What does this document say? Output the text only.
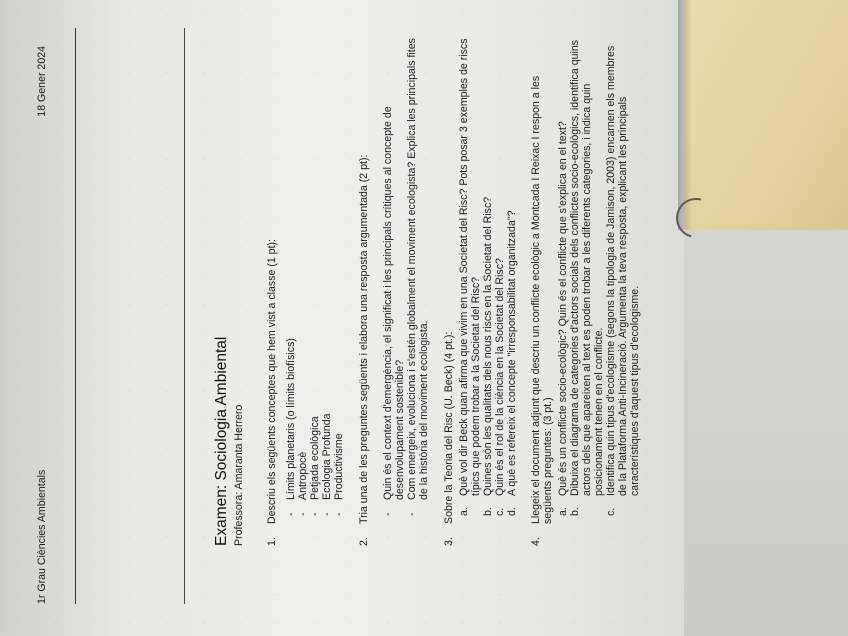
1r Grau Ciències Ambientals
18 Gener 2024
Examen: Sociologia Ambiental Professora: Amaranta Herrero 1.
Descriu els següents conceptes que hem vist a classe (1 pt): -
Límits planetaris (o límits biofísics)
-
Antropocè
-
Petjada ecològica
-
Ecologia Profunda
-
Productivisme
2.
Tria una de les preguntes següents i elabora una resposta argumentada (2 pt): -
Quin és el context d'emergència, el significat i les principals crítiques al concepte de desenvolupament sostenible?
-
Com emergeix, evoluciona i s'estén globalment el moviment ecologista? Explica les principals fites de la història del moviment ecologista.
3.
Sobre la Teoria del Risc (U. Beck) (4 pt.): a.
Què vol dir Beck quan afirma que vivim en una Societat del Risc? Pots posar 3 exemples de riscs típics que podem trobar a la Societat del Risc?
b.
Quines són les qualitats dels nous riscs en la Societat del Risc?
c.
Quin és el rol de la ciència en la Societat del Risc?
d.
A què es refereix el concepte "irresponsabilitat organitzada"?
4.
Llegeix el document adjunt que descriu un conflicte ecològic a Montcada I Reixac I respon a les següents preguntes: (3 pt.) a.
Què és un conflicte socio-ecològic? Quin és el conflicte que s'explica en el text?
b.
Dibuixa el diagrama de categories d'actors socials dels conflictes socio-ecològics, identifica quins actors dels que apareixen al text es poden trobar a les diferents categories, i indica quin posicionament tenen en el conflicte.
c.
Identifica quin tipus d'ecologisme (segons la tipologia de Jamison, 2003) encarnen els membres de la Plataforma Anti-Incineració. Argumenta la teva resposta, explicant les principals característiques d'aquest tipus d'ecologisme.
